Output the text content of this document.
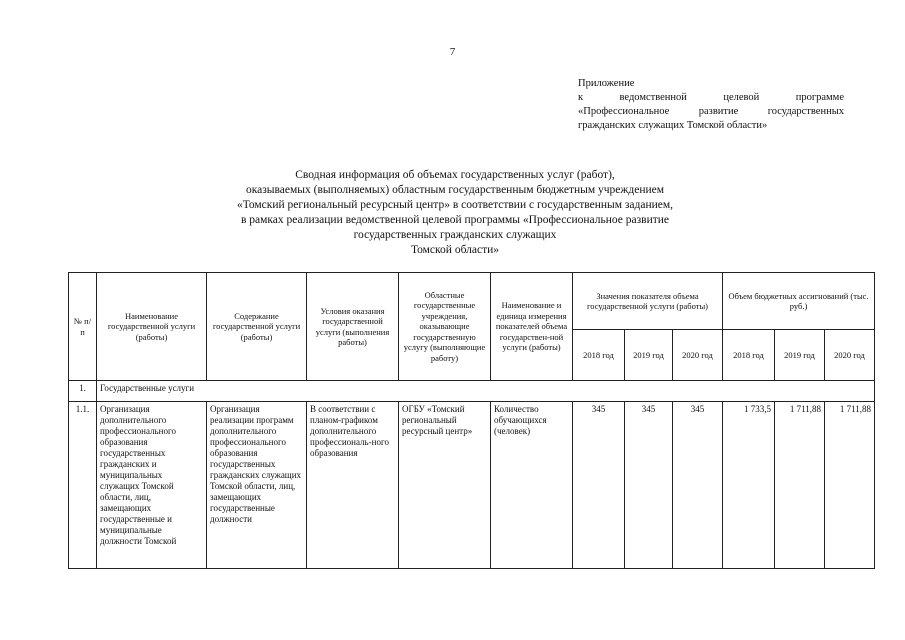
7
Приложение
к ведомственной целевой программе
«Профессиональное развитие государственных
гражданских служащих Томской области»
Сводная информация об объемах государственных услуг (работ),
оказываемых (выполняемых) областным государственным бюджетным учреждением
«Томский региональный ресурсный центр» в соответствии с государственным заданием,
в рамках реализации ведомственной целевой программы «Профессиональное развитие
государственных гражданских служащих
Томской области»
№ п/п	Наименование государственной услуги (работы)	Содержание государственной услуги (работы)	Условия оказания государственной услуги (выполнения работы)	Областные государственные учреждения, оказывающие государственную услугу (выполняющие работу)	Наименование и единица измерения показателей объема государствен-ной услуги (работы)	Значения показателя объема государственной услуги (работы)			Объем бюджетных ассигнований (тыс. руб.)		
						2018 год	2019 год	2020 год	2018 год	2019 год	2020 год
1.	Государственные услуги										
1.1.	Организация дополнительного профессионального образования государственных гражданских и муниципальных служащих Томской области, лиц, замещающих государственные и муниципальные должности Томской	Организация реализации программ дополнительного профессионального образования государственных гражданских служащих Томской области, лиц, замещающих государственные должности	В соответствии с планом-графиком дополнительного профессиональ-ного образования	ОГБУ «Томский региональный ресурсный центр»	Количество обучающихся (человек)	345	345	345	1 733,5	1 711,88	1 711,88
